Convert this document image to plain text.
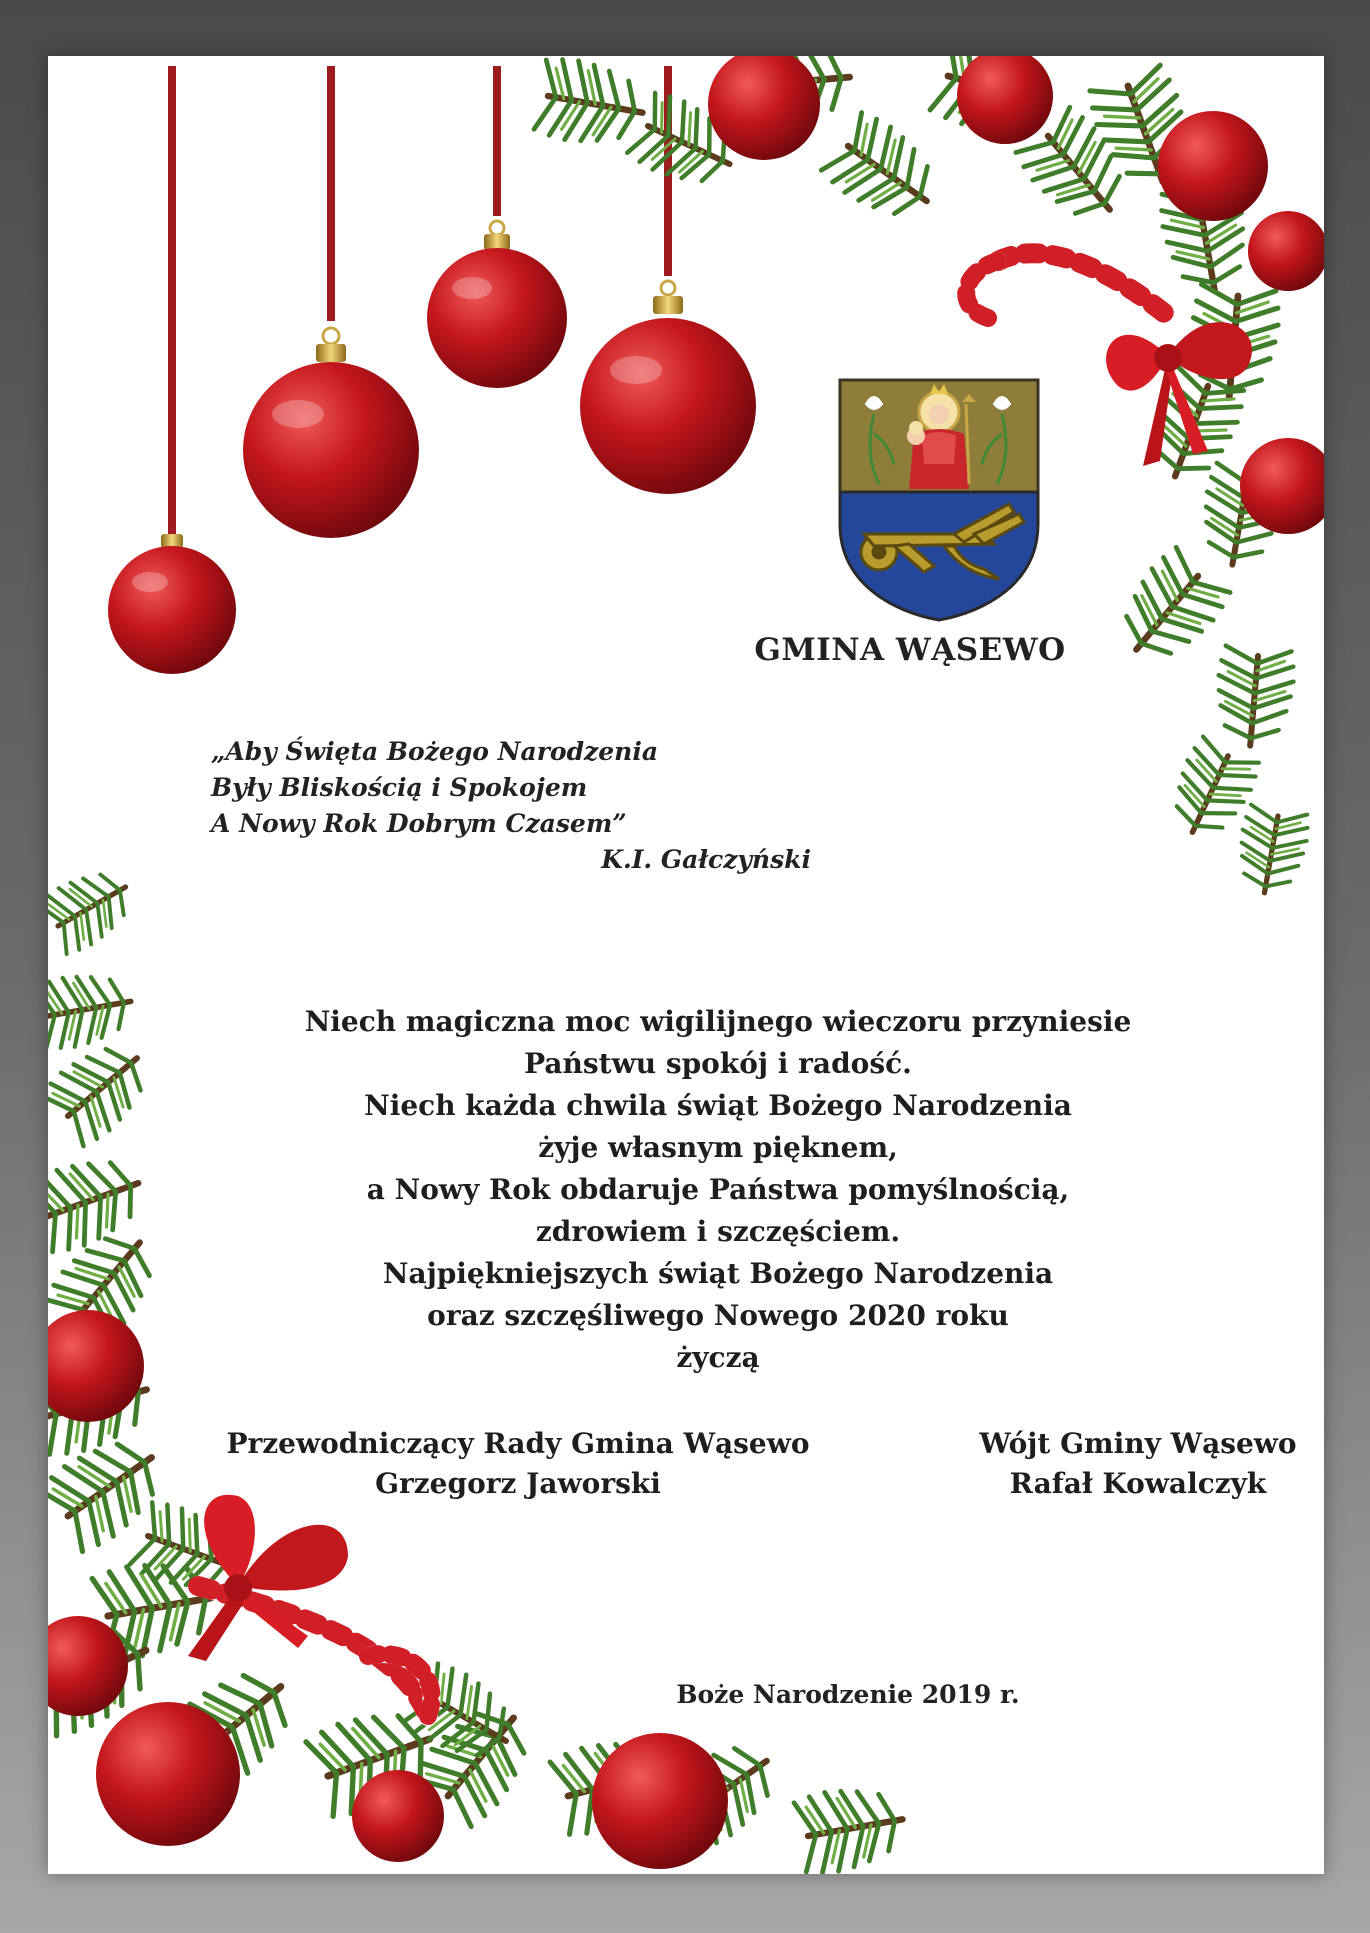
GMINA WĄSEWO
„Aby Święta Bożego Narodzenia
Były Bliskością i Spokojem
A Nowy Rok Dobrym Czasem”
K.I. Gałczyński
Niech magiczna moc wigilijnego wieczoru przyniesie
Państwu spokój i radość.
Niech każda chwila świąt Bożego Narodzenia
żyje własnym pięknem,
a Nowy Rok obdaruje Państwa pomyślnością,
zdrowiem i szczęściem.
Najpiękniejszych świąt Bożego Narodzenia
oraz szczęśliwego Nowego 2020 roku
życzą
Przewodniczący Rady Gmina Wąsewo
Grzegorz Jaworski
Wójt Gminy Wąsewo
Rafał Kowalczyk
Boże Narodzenie 2019 r.
